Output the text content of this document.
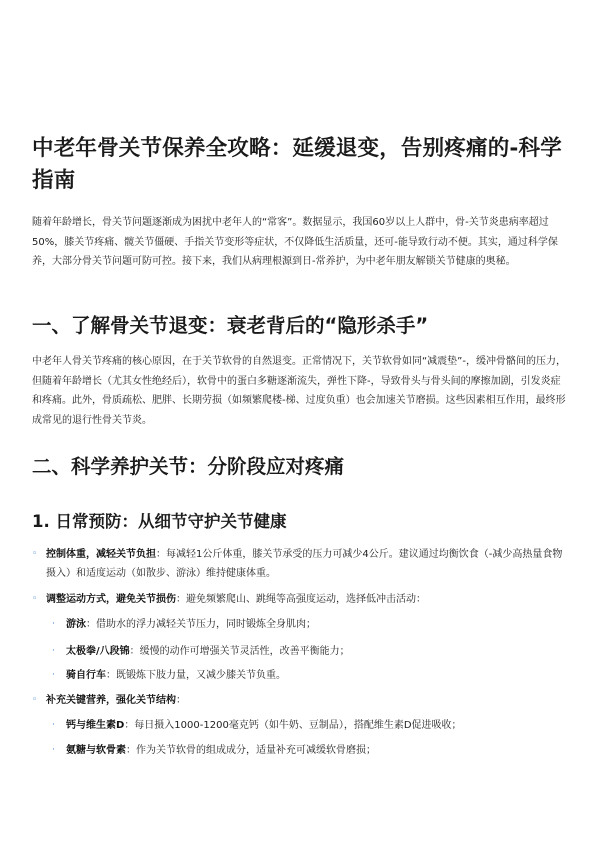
中老年骨关节保养全攻略：延缓退变，告别疼痛的-科学指南

随着年龄增长，骨关节问题逐渐成为困扰中老年人的“常客”。数据显示，我国60岁以上人群中，骨-关节炎患病率超过50%，膝关节疼痛、髋关节僵硬、手指关节变形等症状，不仅降低生活质量，还可-能导致行动不便。其实，通过科学保养，大部分骨关节问题可防可控。接下来，我们从病理根源到日-常养护，为中老年朋友解锁关节健康的奥秘。

一、了解骨关节退变：衰老背后的“隐形杀手”

中老年人骨关节疼痛的核心原因，在于关节软骨的自然退变。正常情况下，关节软骨如同“减震垫”-，缓冲骨骼间的压力，但随着年龄增长（尤其女性绝经后），软骨中的蛋白多糖逐渐流失，弹性下降-，导致骨头与骨头间的摩擦加剧，引发炎症和疼痛。此外，骨质疏松、肥胖、长期劳损（如频繁爬楼-梯、过度负重）也会加速关节磨损。这些因素相互作用，最终形成常见的退行性骨关节炎。

二、科学养护关节：分阶段应对疼痛
1. 日常预防：从细节守护关节健康
◦ 控制体重，减轻关节负担：每减轻1公斤体重，膝关节承受的压力可减少4公斤。建议通过均衡饮食（-减少高热量食物摄入）和适度运动（如散步、游泳）维持健康体重。
◦ 调整运动方式，避免关节损伤：避免频繁爬山、跳绳等高强度运动，选择低冲击活动：
· 游泳：借助水的浮力减轻关节压力，同时锻炼全身肌肉；
· 太极拳/八段锦：缓慢的动作可增强关节灵活性，改善平衡能力；
· 骑自行车：既锻炼下肢力量，又减少膝关节负重。
◦ 补充关键营养，强化关节结构：
· 钙与维生素D：每日摄入1000-1200毫克钙（如牛奶、豆制品），搭配维生素D促进吸收；
· 氨糖与软骨素：作为关节软骨的组成成分，适量补充可减缓软骨磨损；
